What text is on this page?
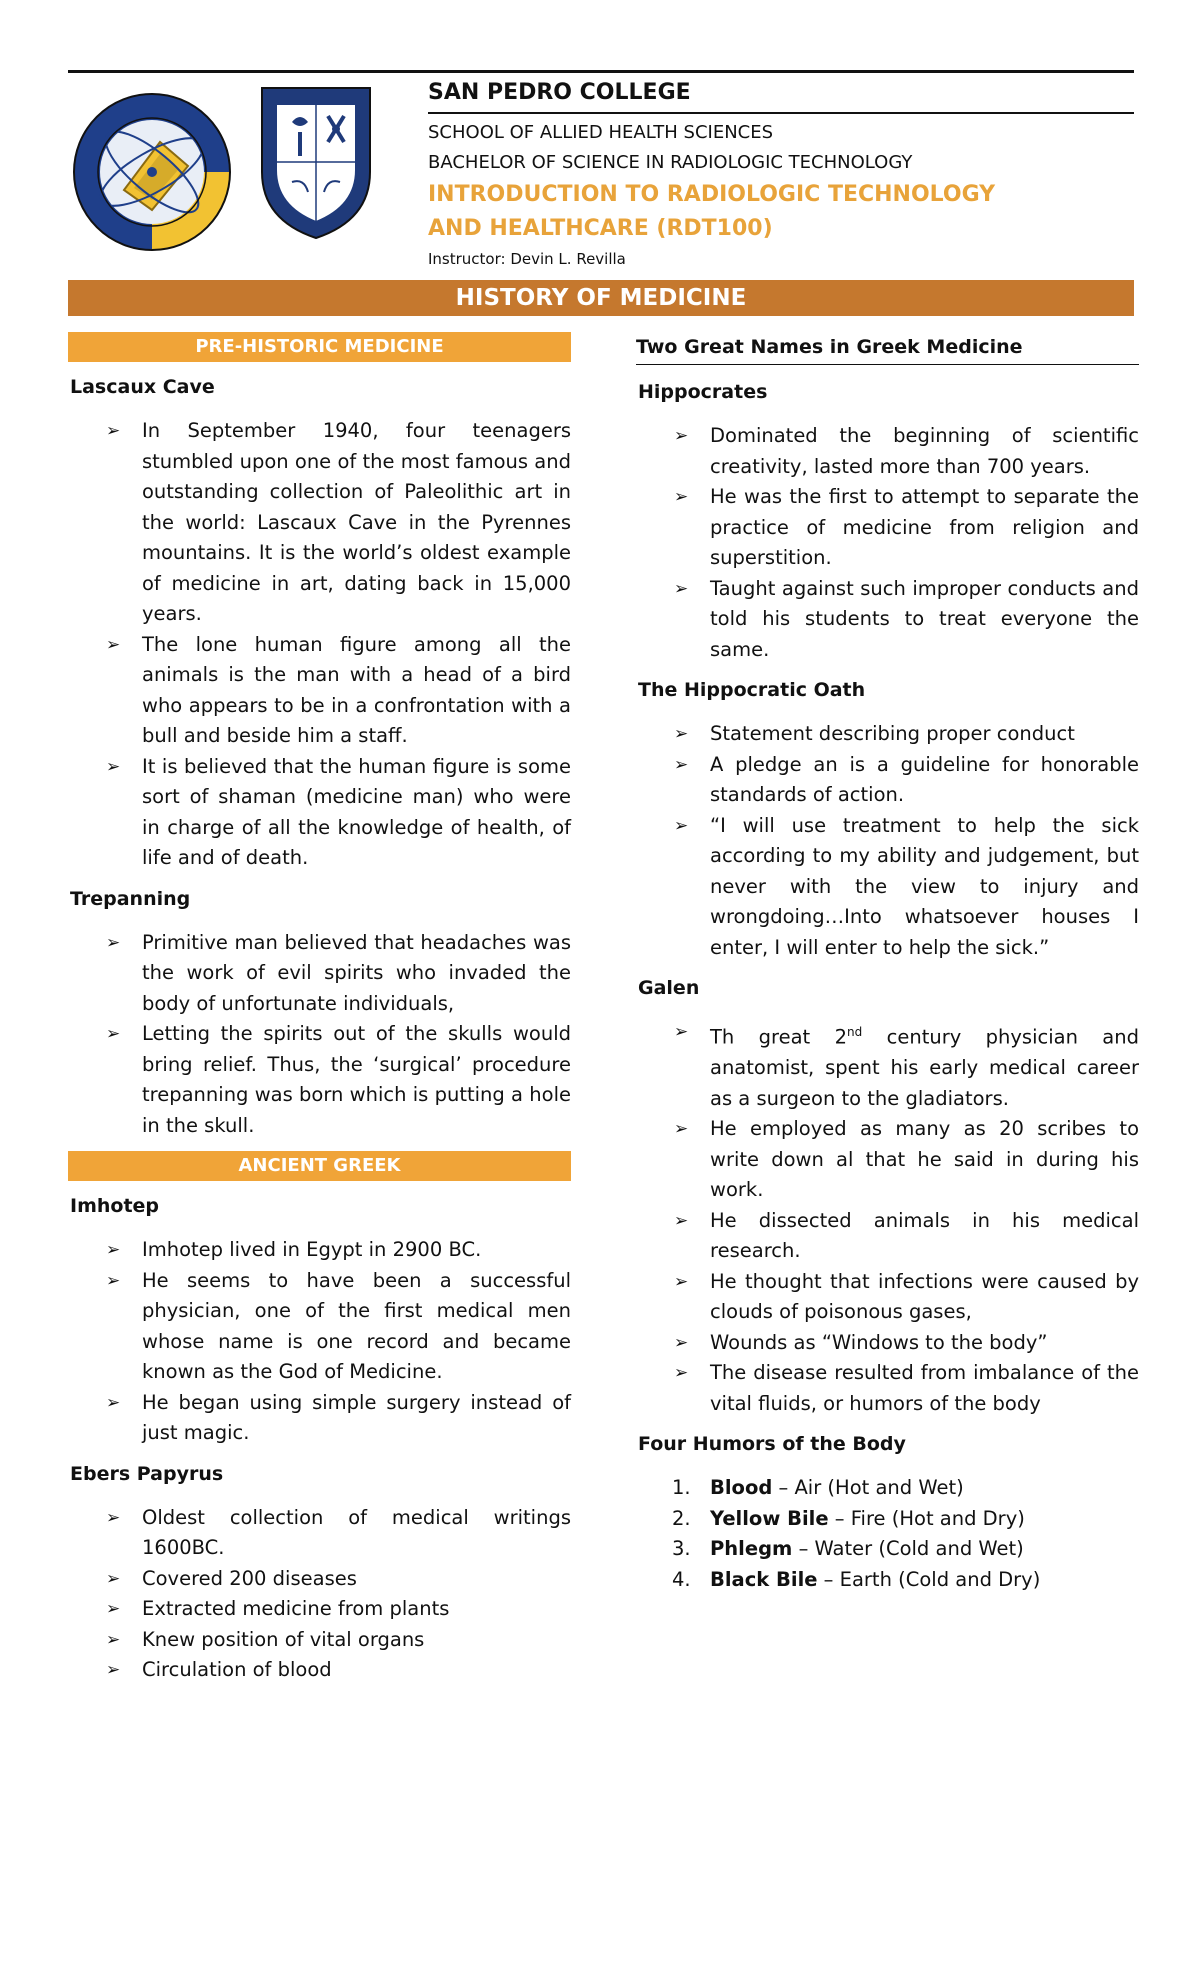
SAN PEDRO COLLEGE
SCHOOL OF ALLIED HEALTH SCIENCES
BACHELOR OF SCIENCE IN RADIOLOGIC TECHNOLOGY
INTRODUCTION TO RADIOLOGIC TECHNOLOGY
AND HEALTHCARE (RDT100)
Instructor: Devin L. Revilla
HISTORY OF MEDICINE
PRE-HISTORIC MEDICINE
Lascaux Cave
➢ In September 1940, four teenagers stumbled upon one of the most famous and outstanding collection of Paleolithic art in the world: Lascaux Cave in the Pyrennes mountains. It is the world’s oldest example of medicine in art, dating back in 15,000 years.
➢ The lone human figure among all the animals is the man with a head of a bird who appears to be in a confrontation with a bull and beside him a staff.
➢ It is believed that the human figure is some sort of shaman (medicine man) who were in charge of all the knowledge of health, of life and of death.
Trepanning
➢ Primitive man believed that headaches was the work of evil spirits who invaded the body of unfortunate individuals,
➢ Letting the spirits out of the skulls would bring relief. Thus, the ‘surgical’ procedure trepanning was born which is putting a hole in the skull.
ANCIENT GREEK
Imhotep
➢ Imhotep lived in Egypt in 2900 BC.
➢ He seems to have been a successful physician, one of the first medical men whose name is one record and became known as the God of Medicine.
➢ He began using simple surgery instead of just magic.
Ebers Papyrus
➢ Oldest collection of medical writings 1600BC.
➢ Covered 200 diseases
➢ Extracted medicine from plants
➢ Knew position of vital organs
➢ Circulation of blood
Two Great Names in Greek Medicine
Hippocrates
➢ Dominated the beginning of scientific creativity, lasted more than 700 years.
➢ He was the first to attempt to separate the practice of medicine from religion and superstition.
➢ Taught against such improper conducts and told his students to treat everyone the same.
The Hippocratic Oath
➢ Statement describing proper conduct
➢ A pledge an is a guideline for honorable standards of action.
➢ “I will use treatment to help the sick according to my ability and judgement, but never with the view to injury and wrongdoing…Into whatsoever houses I enter, I will enter to help the sick.”
Galen
➢ Th great 2nd century physician and anatomist, spent his early medical career as a surgeon to the gladiators.
➢ He employed as many as 20 scribes to write down al that he said in during his work.
➢ He dissected animals in his medical research.
➢ He thought that infections were caused by clouds of poisonous gases,
➢ Wounds as “Windows to the body”
➢ The disease resulted from imbalance of the vital fluids, or humors of the body
Four Humors of the Body
1. Blood – Air (Hot and Wet)
2. Yellow Bile – Fire (Hot and Dry)
3. Phlegm – Water (Cold and Wet)
4. Black Bile – Earth (Cold and Dry)
